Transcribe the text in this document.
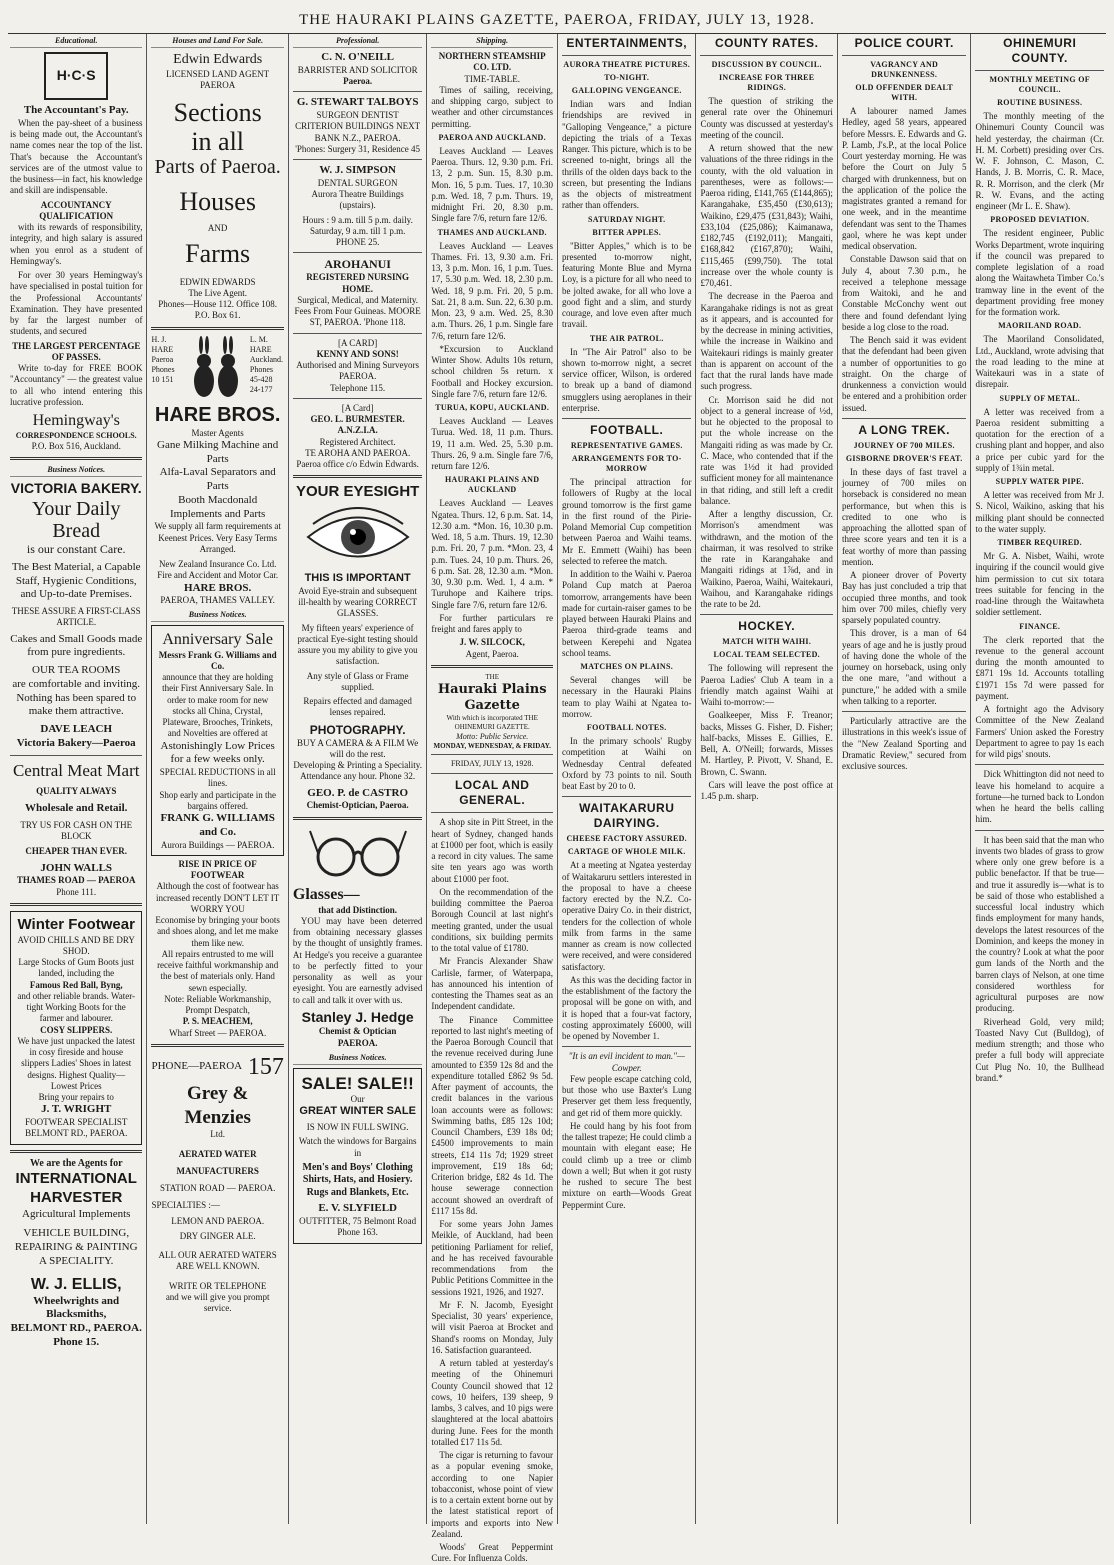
THE HAURAKI PLAINS GAZETTE, PAEROA, FRIDAY, JULY 13, 1928.
Educational.
H·C·S
The Accountant's Pay.

When the pay-sheet of a business is being made out, the Accountant's name comes near the top of the list. That's because the Accountant's services are of the utmost value to the business—in fact, his knowledge and skill are indispensable.

ACCOUNTANCY QUALIFICATION

with its rewards of responsibility, integrity, and high salary is assured when you enrol as a student of Hemingway's.

For over 30 years Hemingway's have specialised in postal tuition for the Professional Accountants' Examination. They have presented by far the largest number of students, and secured

THE LARGEST PERCENTAGE OF PASSES.

Write to-day for FREE BOOK "Accountancy" — the greatest value to all who intend entering this lucrative profession.

Hemingway's
CORRESPONDENCE SCHOOLS.
P.O. Box 516, Auckland.
Business Notices.
VICTORIA BAKERY.
Your Daily Bread
is our constant Care.
The Best Material, a Capable Staff, Hygienic Conditions, and Up-to-date Premises.
THESE ASSURE A FIRST-CLASS ARTICLE.
Cakes and Small Goods made from pure ingredients.
OUR TEA ROOMS
are comfortable and inviting. Nothing has been spared to make them attractive.
DAVE LEACH
Victoria Bakery—Paeroa
Central Meat Mart
QUALITY ALWAYS
Wholesale and Retail.
TRY US FOR CASH ON THE BLOCK
CHEAPER THAN EVER.
JOHN WALLS
THAMES ROAD — PAEROA
Phone 111.
Winter Footwear
AVOID CHILLS AND BE DRY SHOD.
Large Stocks of Gum Boots just landed, including the
Famous Red Ball, Byng,
and other reliable brands. Water-tight Working Boots for the farmer and labourer.
COSY SLIPPERS.
We have just unpacked the latest in cosy fireside and house slippers Ladies' Shoes in latest designs. Highest Quality—Lowest Prices
Bring your repairs to
J. T. WRIGHT
FOOTWEAR SPECIALIST BELMONT RD., PAEROA.
We are the Agents for
INTERNATIONAL HARVESTER
Agricultural Implements
VEHICLE BUILDING, REPAIRING & PAINTING A SPECIALITY.
W. J. ELLIS,
Wheelwrights and Blacksmiths,
BELMONT RD., PAEROA.
Phone 15.
Houses and Land For Sale.
Edwin Edwards
LICENSED LAND AGENT PAEROA
Sections
in all
Parts of Paeroa.
Houses
AND
Farms
EDWIN EDWARDS
The Live Agent.
Phones—House 112. Office 108. P.O. Box 61.
H. J. HARE Paeroa Phones 10 151
L. M. HARE Auckland. Phones 45-428 24-177
HARE BROS.
Master Agents
Gane Milking Machine and Parts
Alfa-Laval Separators and Parts
Booth Macdonald Implements and Parts
We supply all farm requirements at Keenest Prices. Very Easy Terms Arranged.
New Zealand Insurance Co. Ltd. Fire and Accident and Motor Car.
HARE BROS.
PAEROA, THAMES VALLEY.
Business Notices.
Anniversary Sale
Messrs Frank G. Williams and Co.
announce that they are holding their First Anniversary Sale. In order to make room for new stocks all China, Crystal, Plateware, Brooches, Trinkets, and Novelties are offered at
Astonishingly Low Prices for a few weeks only.
SPECIAL REDUCTIONS in all lines.
Shop early and participate in the bargains offered.
FRANK G. WILLIAMS and Co.
Aurora Buildings — PAEROA.
RISE IN PRICE OF FOOTWEAR
Although the cost of footwear has increased recently DON'T LET IT WORRY YOU
Economise by bringing your boots and shoes along, and let me make them like new.
All repairs entrusted to me will receive faithful workmanship and the best of materials only. Hand sewn especially.
Note: Reliable Workmanship, Prompt Despatch,
P. S. MEACHEM,
Wharf Street — PAEROA.
PHONE—PAEROA 157
Grey & Menzies
Ltd.
AERATED WATER
MANUFACTURERS
STATION ROAD — PAEROA.
SPECIALTIES :—
LEMON AND PAEROA.
DRY GINGER ALE.
ALL OUR AERATED WATERS ARE WELL KNOWN.
WRITE OR TELEPHONE
and we will give you prompt service.
Professional.
C. N. O'NEILL
BARRISTER AND SOLICITOR
Paeroa.
G. STEWART TALBOYS
SURGEON DENTIST
CRITERION BUILDINGS NEXT BANK N.Z., PAEROA.
'Phones: Surgery 31, Residence 45
W. J. SIMPSON
DENTAL SURGEON
Aurora Theatre Buildings (upstairs).
Hours : 9 a.m. till 5 p.m. daily. Saturday, 9 a.m. till 1 p.m.
PHONE 25.
AROHANUI
REGISTERED NURSING HOME.
Surgical, Medical, and Maternity. Fees From Four Guineas. MOORE ST, PAEROA. 'Phone 118.
[A CARD]
KENNY AND SONS!
Authorised and Mining Surveyors PAEROA.
Telephone 115.
[A Card]
GEO. L. BURMESTER. A.N.Z.I.A.
Registered Architect.
TE AROHA AND PAEROA.
Paeroa office c/o Edwin Edwards.
YOUR EYESIGHT
THIS IS IMPORTANT
Avoid Eye-strain and subsequent ill-health by wearing CORRECT GLASSES.
My fifteen years' experience of practical Eye-sight testing should assure you my ability to give you satisfaction.
Any style of Glass or Frame supplied.
Repairs effected and damaged lenses repaired.
PHOTOGRAPHY.
BUY A CAMERA & A FILM We will do the rest.
Developing & Printing a Speciality. Attendance any hour. Phone 32.
GEO. P. de CASTRO
Chemist-Optician, Paeroa.
Glasses—
that add Distinction.

YOU may have been deterred from obtaining necessary glasses by the thought of unsightly frames. At Hedge's you receive a guarantee to be perfectly fitted to your personality as well as your eyesight. You are earnestly advised to call and talk it over with us.

Stanley J. Hedge
Chemist & Optician
PAEROA.
Business Notices.
SALE! SALE!!
Our
GREAT WINTER SALE
IS NOW IN FULL SWING.
Watch the windows for Bargains in
Men's and Boys' Clothing Shirts, Hats, and Hosiery. Rugs and Blankets, Etc.
E. V. SLYFIELD
OUTFITTER, 75 Belmont Road Phone 163.
Shipping.
NORTHERN STEAMSHIP CO. LTD.
TIME-TABLE.

Times of sailing, receiving, and shipping cargo, subject to weather and other circumstances permitting.

PAEROA AND AUCKLAND.

Leaves Auckland — Leaves Paeroa. Thurs. 12, 9.30 p.m. Fri. 13, 2 p.m. Sun. 15, 8.30 p.m. Mon. 16, 5 p.m. Tues. 17, 10.30 p.m. Wed. 18, 7 p.m. Thurs. 19, midnight Fri. 20, 8.30 p.m. Single fare 7/6, return fare 12/6.

THAMES AND AUCKLAND.

Leaves Auckland — Leaves Thames. Fri. 13, 9.30 a.m. Fri. 13, 3 p.m. Mon. 16, 1 p.m. Tues. 17, 5.30 p.m. Wed. 18, 2.30 p.m. Wed. 18, 9 p.m. Fri. 20, 5 p.m. Sat. 21, 8 a.m. Sun. 22, 6.30 p.m. Mon. 23, 9 a.m. Wed. 25, 8.30 a.m. Thurs. 26, 1 p.m. Single fare 7/6, return fare 12/6.

*Excursion to Auckland Winter Show. Adults 10s return, school children 5s return. x Football and Hockey excursion. Single fare 7/6, return fare 12/6.

TURUA, KOPU, AUCKLAND.

Leaves Auckland — Leaves Turua. Wed. 18, 11 p.m. Thurs. 19, 11 a.m. Wed. 25, 5.30 p.m. Thurs. 26, 9 a.m. Single fare 7/6, return fare 12/6.

HAURAKI PLAINS AND AUCKLAND

Leaves Auckland — Leaves Ngatea. Thurs. 12, 6 p.m. Sat. 14, 12.30 a.m. *Mon. 16, 10.30 p.m. Wed. 18, 5 a.m. Thurs. 19, 12.30 p.m. Fri. 20, 7 p.m. *Mon. 23, 4 p.m. Tues. 24, 10 p.m. Thurs. 26, 6 p.m. Sat. 28, 12.30 a.m. *Mon. 30, 9.30 p.m. Wed. 1, 4 a.m. * Turuhope and Kaihere trips. Single fare 7/6, return fare 12/6.

For further particulars re freight and fares apply to

J. W. SILCOCK,
Agent, Paeroa.
THE
Hauraki Plains Gazette
With which is incorporated THE OHINEMURI GAZETTE.
Motto: Public Service.
MONDAY, WEDNESDAY, & FRIDAY.
FRIDAY, JULY 13, 1928.
LOCAL AND GENERAL.

A shop site in Pitt Street, in the heart of Sydney, changed hands at £1000 per foot, which is easily a record in city values. The same site ten years ago was worth about £1000 per foot.

On the recommendation of the building committee the Paeroa Borough Council at last night's meeting granted, under the usual conditions, six building permits to the total value of £1780.

Mr Francis Alexander Shaw Carlisle, farmer, of Waterpapa, has announced his intention of contesting the Thames seat as an Independent candidate.

The Finance Committee reported to last night's meeting of the Paeroa Borough Council that the revenue received during June amounted to £359 12s 8d and the expenditure totalled £862 9s 5d. After payment of accounts, the credit balances in the various loan accounts were as follows: Swimming baths, £85 12s 10d; Council Chambers, £39 18s 0d; £4500 improvements to main streets, £14 11s 7d; 1929 street improvement, £19 18s 6d; Criterion bridge, £82 4s 1d. The house sewerage connection account showed an overdraft of £117 15s 8d.

For some years John James Meikle, of Auckland, had been petitioning Parliament for relief, and he has received favourable recommendations from the Public Petitions Committee in the sessions 1921, 1926, and 1927.

Mr F. N. Jacomb, Eyesight Specialist, 30 years' experience, will visit Paeroa at Brocket and Shand's rooms on Monday, July 16. Satisfaction guaranteed.

A return tabled at yesterday's meeting of the Ohinemuri County Council showed that 12 cows, 10 heifers, 139 sheep, 9 lambs, 3 calves, and 10 pigs were slaughtered at the local abattoirs during June. Fees for the month totalled £17 11s 5d.

The cigar is returning to favour as a popular evening smoke, according to one Napier tobacconist, whose point of view is to a certain extent borne out by the latest statistical report of imports and exports into New Zealand.

Woods' Great Peppermint Cure. For Influenza Colds.

ENTERTAINMENTS,
AURORA THEATRE PICTURES.
TO-NIGHT.
GALLOPING VENGEANCE.

Indian wars and Indian friendships are revived in "Galloping Vengeance," a picture depicting the trials of a Texas Ranger. This picture, which is to be screened to-night, brings all the thrills of the olden days back to the screen, but presenting the Indians as the objects of mistreatment rather than offenders.

SATURDAY NIGHT.
BITTER APPLES.

"Bitter Apples," which is to be presented to-morrow night, featuring Monte Blue and Myrna Loy, is a picture for all who need to be jolted awake, for all who love a good fight and a slim, and sturdy courage, and love even after much travail.

THE AIR PATROL.

In "The Air Patrol" also to be shown to-morrow night, a secret service officer, Wilson, is ordered to break up a band of diamond smugglers using aeroplanes in their enterprise.

FOOTBALL.
REPRESENTATIVE GAMES.
ARRANGEMENTS FOR TO-MORROW

The principal attraction for followers of Rugby at the local ground tomorrow is the first game in the first round of the Pirie-Poland Memorial Cup competition between Paeroa and Waihi teams. Mr E. Emmett (Waihi) has been selected to referee the match.

In addition to the Waihi v. Paeroa Poland Cup match at Paeroa tomorrow, arrangements have been made for curtain-raiser games to be played between Hauraki Plains and Paeroa third-grade teams and between Kerepehi and Ngatea school teams.

MATCHES ON PLAINS.

Several changes will be necessary in the Hauraki Plains team to play Waihi at Ngatea to-morrow.

FOOTBALL NOTES.

In the primary schools' Rugby competition at Waihi on Wednesday Central defeated Oxford by 73 points to nil. South beat East by 20 to 0.

WAITAKARURU DAIRYING.
CHEESE FACTORY ASSURED.
CARTAGE OF WHOLE MILK.

At a meeting at Ngatea yesterday of Waitakaruru settlers interested in the proposal to have a cheese factory erected by the N.Z. Co-operative Dairy Co. in their district, tenders for the collection of whole milk from farms in the same manner as cream is now collected were received, and were considered satisfactory.

As this was the deciding factor in the establishment of the factory the proposal will be gone on with, and it is hoped that a four-vat factory, costing approximately £6000, will be opened by November 1.

"It is an evil incident to man."—Cowper.

Few people escape catching cold, but those who use Baxter's Lung Preserver get them less frequently, and get rid of them more quickly.

He could hang by his foot from the tallest trapeze; He could climb a mountain with elegant ease; He could climb up a tree or climb down a well; But when it got rusty he rushed to secure The best mixture on earth—Woods Great Peppermint Cure.

COUNTY RATES.
DISCUSSION BY COUNCIL.
INCREASE FOR THREE RIDINGS.

The question of striking the general rate over the Ohinemuri County was discussed at yesterday's meeting of the council.

A return showed that the new valuations of the three ridings in the county, with the old valuation in parentheses, were as follows:—Paeroa riding, £141,765 (£144,865); Karangahake, £35,450 (£30,613); Waikino, £29,475 (£31,843); Waihi, £33,104 (£25,086); Kaimanawa, £182,745 (£192,011); Mangaiti, £168,842 (£167,870); Waihi, £115,465 (£99,750). The total increase over the whole county is £70,461.

The decrease in the Paeroa and Karangahake ridings is not as great as it appears, and is accounted for by the decrease in mining activities, while the increase in Waikino and Waitekauri ridings is mainly greater than is apparent on account of the fact that the rural lands have made such progress.

Cr. Morrison said he did not object to a general increase of ½d, but he objected to the proposal to put the whole increase on the Mangaiti riding as was made by Cr. C. Mace, who contended that if the rate was 1½d it had provided sufficient money for all maintenance in that riding, and still left a credit balance.

After a lengthy discussion, Cr. Morrison's amendment was withdrawn, and the motion of the chairman, it was resolved to strike the rate in Karangahake and Mangaiti ridings at 1⅞d, and in Waikino, Paeroa, Waihi, Waitekauri, Waihou, and Karangahake ridings the rate to be 2d.

HOCKEY.
MATCH WITH WAIHI.
LOCAL TEAM SELECTED.

The following will represent the Paeroa Ladies' Club A team in a friendly match against Waihi at Waihi to-morrow:—

Goalkeeper, Miss F. Treanor; backs, Misses G. Fisher, D. Fisher; half-backs, Misses E. Gillies, E. Bell, A. O'Neill; forwards, Misses M. Hartley, P. Pivott, V. Shand, E. Brown, C. Swann.

Cars will leave the post office at 1.45 p.m. sharp.

POLICE COURT.
VAGRANCY AND DRUNKENNESS.
OLD OFFENDER DEALT WITH.

A labourer named James Hedley, aged 58 years, appeared before Messrs. E. Edwards and G. P. Lamb, J's.P., at the local Police Court yesterday morning. He was before the Court on July 5 charged with drunkenness, but on the application of the police the magistrates granted a remand for one week, and in the meantime defendant was sent to the Thames gaol, where he was kept under medical observation.

Constable Dawson said that on July 4, about 7.30 p.m., he received a telephone message from Waitoki, and he and Constable McConchy went out there and found defendant lying beside a log close to the road.

The Bench said it was evident that the defendant had been given a number of opportunities to go straight. On the charge of drunkenness a conviction would be entered and a prohibition order issued.

A LONG TREK.
JOURNEY OF 700 MILES.
GISBORNE DROVER'S FEAT.

In these days of fast travel a journey of 700 miles on horseback is considered no mean performance, but when this is credited to one who is approaching the allotted span of three score years and ten it is a feat worthy of more than passing mention.

A pioneer drover of Poverty Bay has just concluded a trip that occupied three months, and took him over 700 miles, chiefly very sparsely populated country.

This drover, is a man of 64 years of age and he is justly proud of having done the whole of the journey on horseback, using only the one mare, "and without a puncture," he added with a smile when talking to a reporter.

Particularly attractive are the illustrations in this week's issue of the "New Zealand Sporting and Dramatic Review," secured from exclusive sources.

OHINEMURI COUNTY.
MONTHLY MEETING OF COUNCIL.
ROUTINE BUSINESS.

The monthly meeting of the Ohinemuri County Council was held yesterday, the chairman (Cr. H. M. Corbett) presiding over Crs. W. F. Johnson, C. Mason, C. Hands, J. B. Morris, C. R. Mace, R. R. Morrison, and the clerk (Mr R. W. Evans, and the acting engineer (Mr L. E. Shaw).

PROPOSED DEVIATION.

The resident engineer, Public Works Department, wrote inquiring if the council was prepared to complete legislation of a road along the Waitawheta Timber Co.'s tramway line in the event of the department providing free money for the formation work.

MAORILAND ROAD.

The Maoriland Consolidated, Ltd., Auckland, wrote advising that the road leading to the mine at Waitekauri was in a state of disrepair.

SUPPLY OF METAL.

A letter was received from a Paeroa resident submitting a quotation for the erection of a crushing plant and hopper, and also a price per cubic yard for the supply of 1¾in metal.

SUPPLY WATER PIPE.

A letter was received from Mr J. S. Nicol, Waikino, asking that his milking plant should be connected to the water supply.

TIMBER REQUIRED.

Mr G. A. Nisbet, Waihi, wrote inquiring if the council would give him permission to cut six totara trees suitable for fencing in the road-line through the Waitawheta soldier settlement.

FINANCE.

The clerk reported that the revenue to the general account during the month amounted to £871 19s 1d. Accounts totalling £1971 15s 7d were passed for payment.

A fortnight ago the Advisory Committee of the New Zealand Farmers' Union asked the Forestry Department to agree to pay 1s each for wild pigs' snouts.

Dick Whittington did not need to leave his homeland to acquire a fortune—he turned back to London when he heard the bells calling him.

It has been said that the man who invents two blades of grass to grow where only one grew before is a public benefactor. If that be true—and true it assuredly is—what is to be said of those who established a successful local industry which finds employment for many hands, develops the latest resources of the Dominion, and keeps the money in the country? Look at what the poor gum lands of the North and the barren clays of Nelson, at one time considered worthless for agricultural purposes are now producing.

Riverhead Gold, very mild; Toasted Navy Cut (Bulldog), of medium strength; and those who prefer a full body will appreciate Cut Plug No. 10, the Bullhead brand.*
